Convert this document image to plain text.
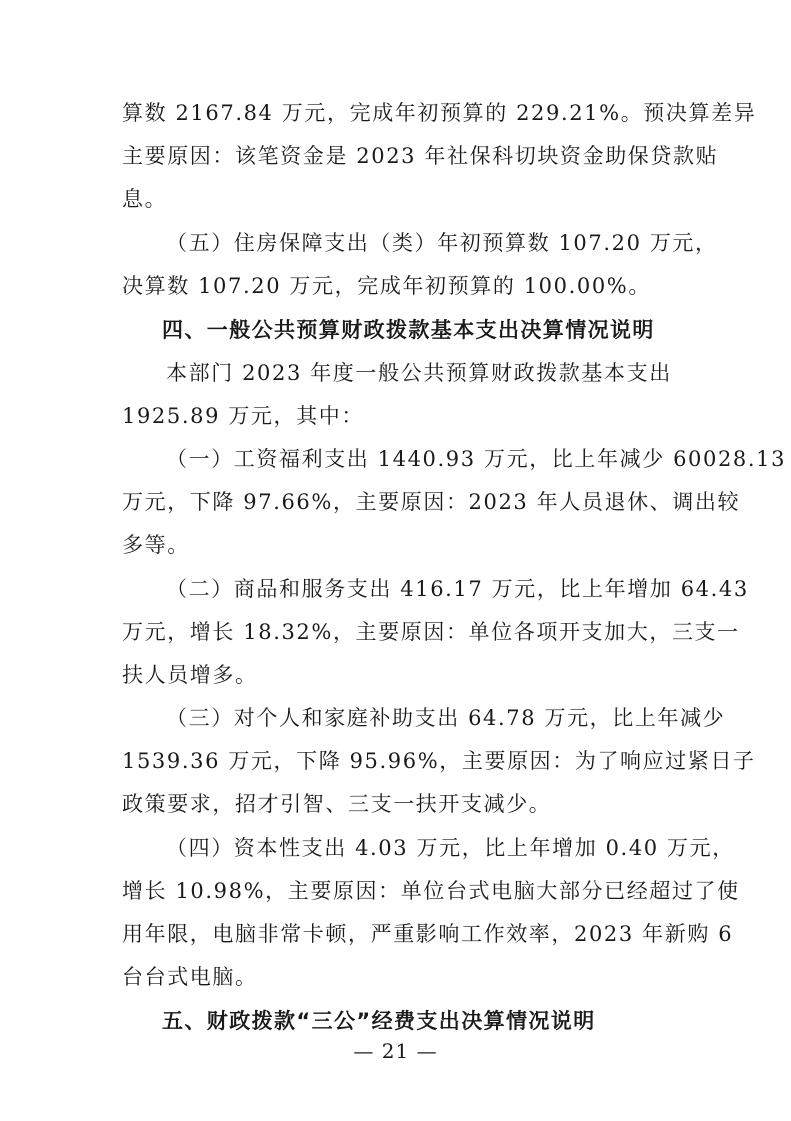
算数 2167.84 万元，完成年初预算的 229.21%。预决算差异
主要原因：该笔资金是 2023 年社保科切块资金助保贷款贴
息。
（五）住房保障支出（类）年初预算数 107.20 万元，
决算数 107.20 万元，完成年初预算的 100.00%。
四、一般公共预算财政拨款基本支出决算情况说明
本部门 2023 年度一般公共预算财政拨款基本支出
1925.89 万元，其中：
（一）工资福利支出 1440.93 万元，比上年减少 60028.13
万元，下降 97.66%，主要原因：2023 年人员退休、调出较
多等。
（二）商品和服务支出 416.17 万元，比上年增加 64.43
万元，增长 18.32%，主要原因：单位各项开支加大，三支一
扶人员增多。
（三）对个人和家庭补助支出 64.78 万元，比上年减少
1539.36 万元，下降 95.96%，主要原因：为了响应过紧日子
政策要求，招才引智、三支一扶开支减少。
（四）资本性支出 4.03 万元，比上年增加 0.40 万元，
增长 10.98%，主要原因：单位台式电脑大部分已经超过了使
用年限，电脑非常卡顿，严重影响工作效率，2023 年新购 6
台台式电脑。
五、财政拨款“三公”经费支出决算情况说明
— 21 —
